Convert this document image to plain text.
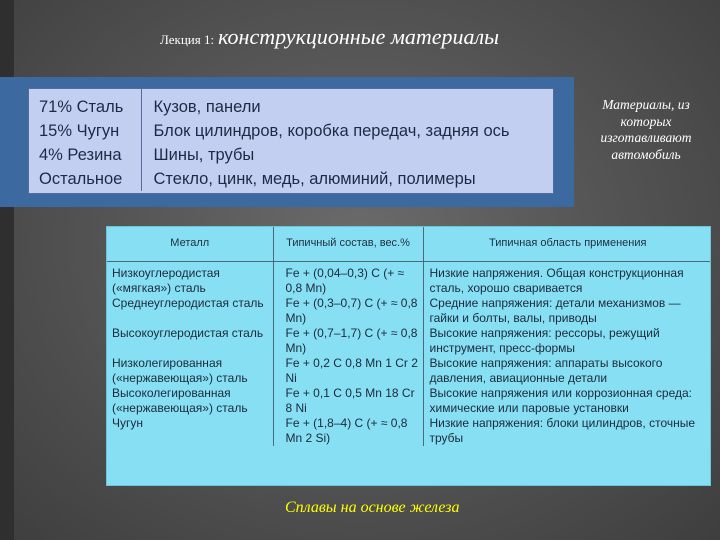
Лекция 1: конструкционные материалы
71% Сталь	Кузов, панели
15% Чугун	Блок цилиндров, коробка передач, задняя ось
4% Резина	Шины, трубы
Остальное	Стекло, цинк, медь, алюминий, полимеры
Материалы, из которых изготавливают автомобиль
Металл	Типичный состав, вес.%	Типичная область применения
Низкоуглеродистая («мягкая») сталь	Fe + (0,04–0,3) C (+ ≈ 0,8 Mn)	Низкие напряжения. Общая конструкционная сталь, хорошо сваривается
Среднеуглеродистая сталь	Fe + (0,3–0,7) C (+ ≈ 0,8 Mn)	Средние напряжения: детали механизмов — гайки и болты, валы, приводы
Высокоуглеродистая сталь	Fe + (0,7–1,7) C (+ ≈ 0,8 Mn)	Высокие напряжения: рессоры, режущий инструмент, пресс-формы
Низколегированная («нержавеющая») сталь	Fe + 0,2 C 0,8 Mn 1 Cr 2 Ni	Высокие напряжения: аппараты высокого давления, авиационные детали
Высоколегированная («нержавеющая») сталь	Fe + 0,1 C 0,5 Mn 18 Cr 8 Ni	Высокие напряжения или коррозионная среда: химические или паровые установки
Чугун	Fe + (1,8–4) C (+ ≈ 0,8 Mn 2 Si)	Низкие напряжения: блоки цилиндров, сточные трубы
Сплавы на основе железа
